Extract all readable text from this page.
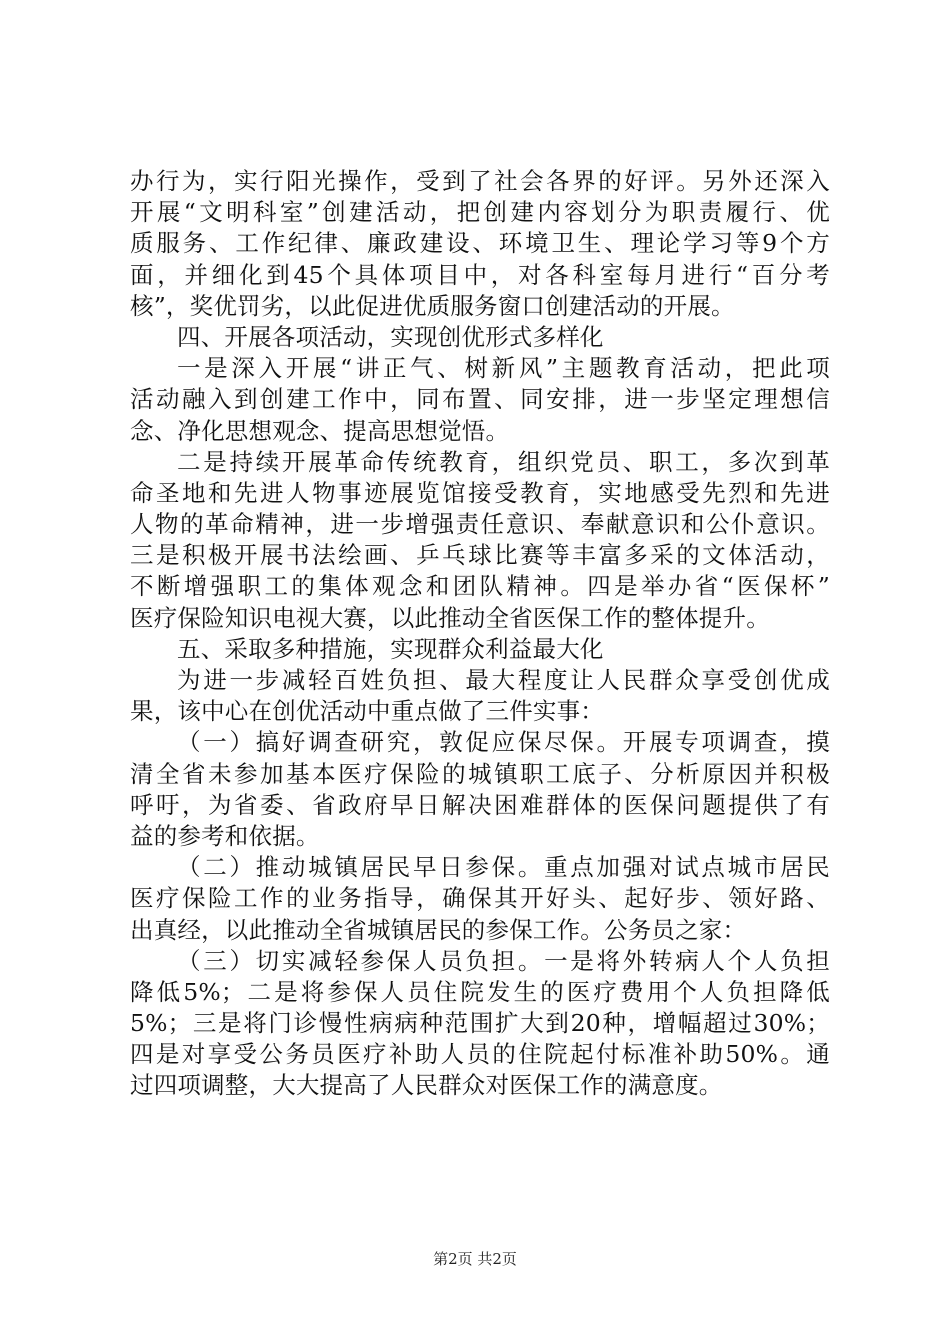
办行为，实行阳光操作，受到了社会各界的好评。另外还深入
开展“文明科室”创建活动，把创建内容划分为职责履行、优
质服务、工作纪律、廉政建设、环境卫生、理论学习等9个方
面，并细化到45个具体项目中，对各科室每月进行“百分考
核”，奖优罚劣，以此促进优质服务窗口创建活动的开展。
四、开展各项活动，实现创优形式多样化
一是深入开展“讲正气、树新风”主题教育活动，把此项
活动融入到创建工作中，同布置、同安排，进一步坚定理想信
念、净化思想观念、提高思想觉悟。
二是持续开展革命传统教育，组织党员、职工，多次到革
命圣地和先进人物事迹展览馆接受教育，实地感受先烈和先进
人物的革命精神，进一步增强责任意识、奉献意识和公仆意识。
三是积极开展书法绘画、乒乓球比赛等丰富多采的文体活动，
不断增强职工的集体观念和团队精神。四是举办省“医保杯”
医疗保险知识电视大赛，以此推动全省医保工作的整体提升。
五、采取多种措施，实现群众利益最大化
为进一步减轻百姓负担、最大程度让人民群众享受创优成
果，该中心在创优活动中重点做了三件实事：
（一）搞好调查研究，敦促应保尽保。开展专项调查，摸
清全省未参加基本医疗保险的城镇职工底子、分析原因并积极
呼吁，为省委、省政府早日解决困难群体的医保问题提供了有
益的参考和依据。
（二）推动城镇居民早日参保。重点加强对试点城市居民
医疗保险工作的业务指导，确保其开好头、起好步、领好路、
出真经，以此推动全省城镇居民的参保工作。公务员之家：
（三）切实减轻参保人员负担。一是将外转病人个人负担
降低5%；二是将参保人员住院发生的医疗费用个人负担降低
5%；三是将门诊慢性病病种范围扩大到20种，增幅超过30%；
四是对享受公务员医疗补助人员的住院起付标准补助50%。通
过四项调整，大大提高了人民群众对医保工作的满意度。
第2页 共2页
